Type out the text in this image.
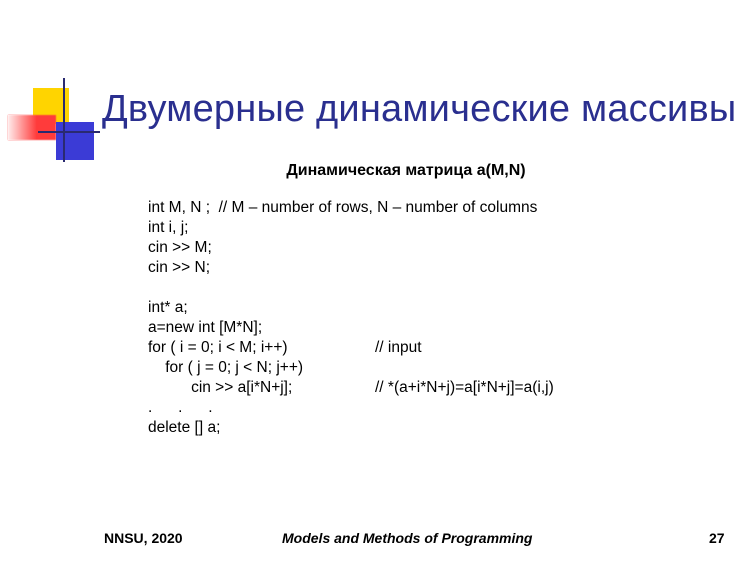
Двумерные динамические массивы
Динамическая матрица a(M,N)
int M, N ;  // M – number of rows, N – number of columns
int i, j;
cin >> M;
cin >> N;
int* a;
a=new int [M*N];
for ( i = 0; i < M; i++)	// input
for ( j = 0; j < N; j++)
cin >> a[i*N+j];	// *(a+i*N+j)=a[i*N+j]=a(i,j)
.      .      .
delete [] a;
NNSU, 2020	Models and Methods of Programming	27
